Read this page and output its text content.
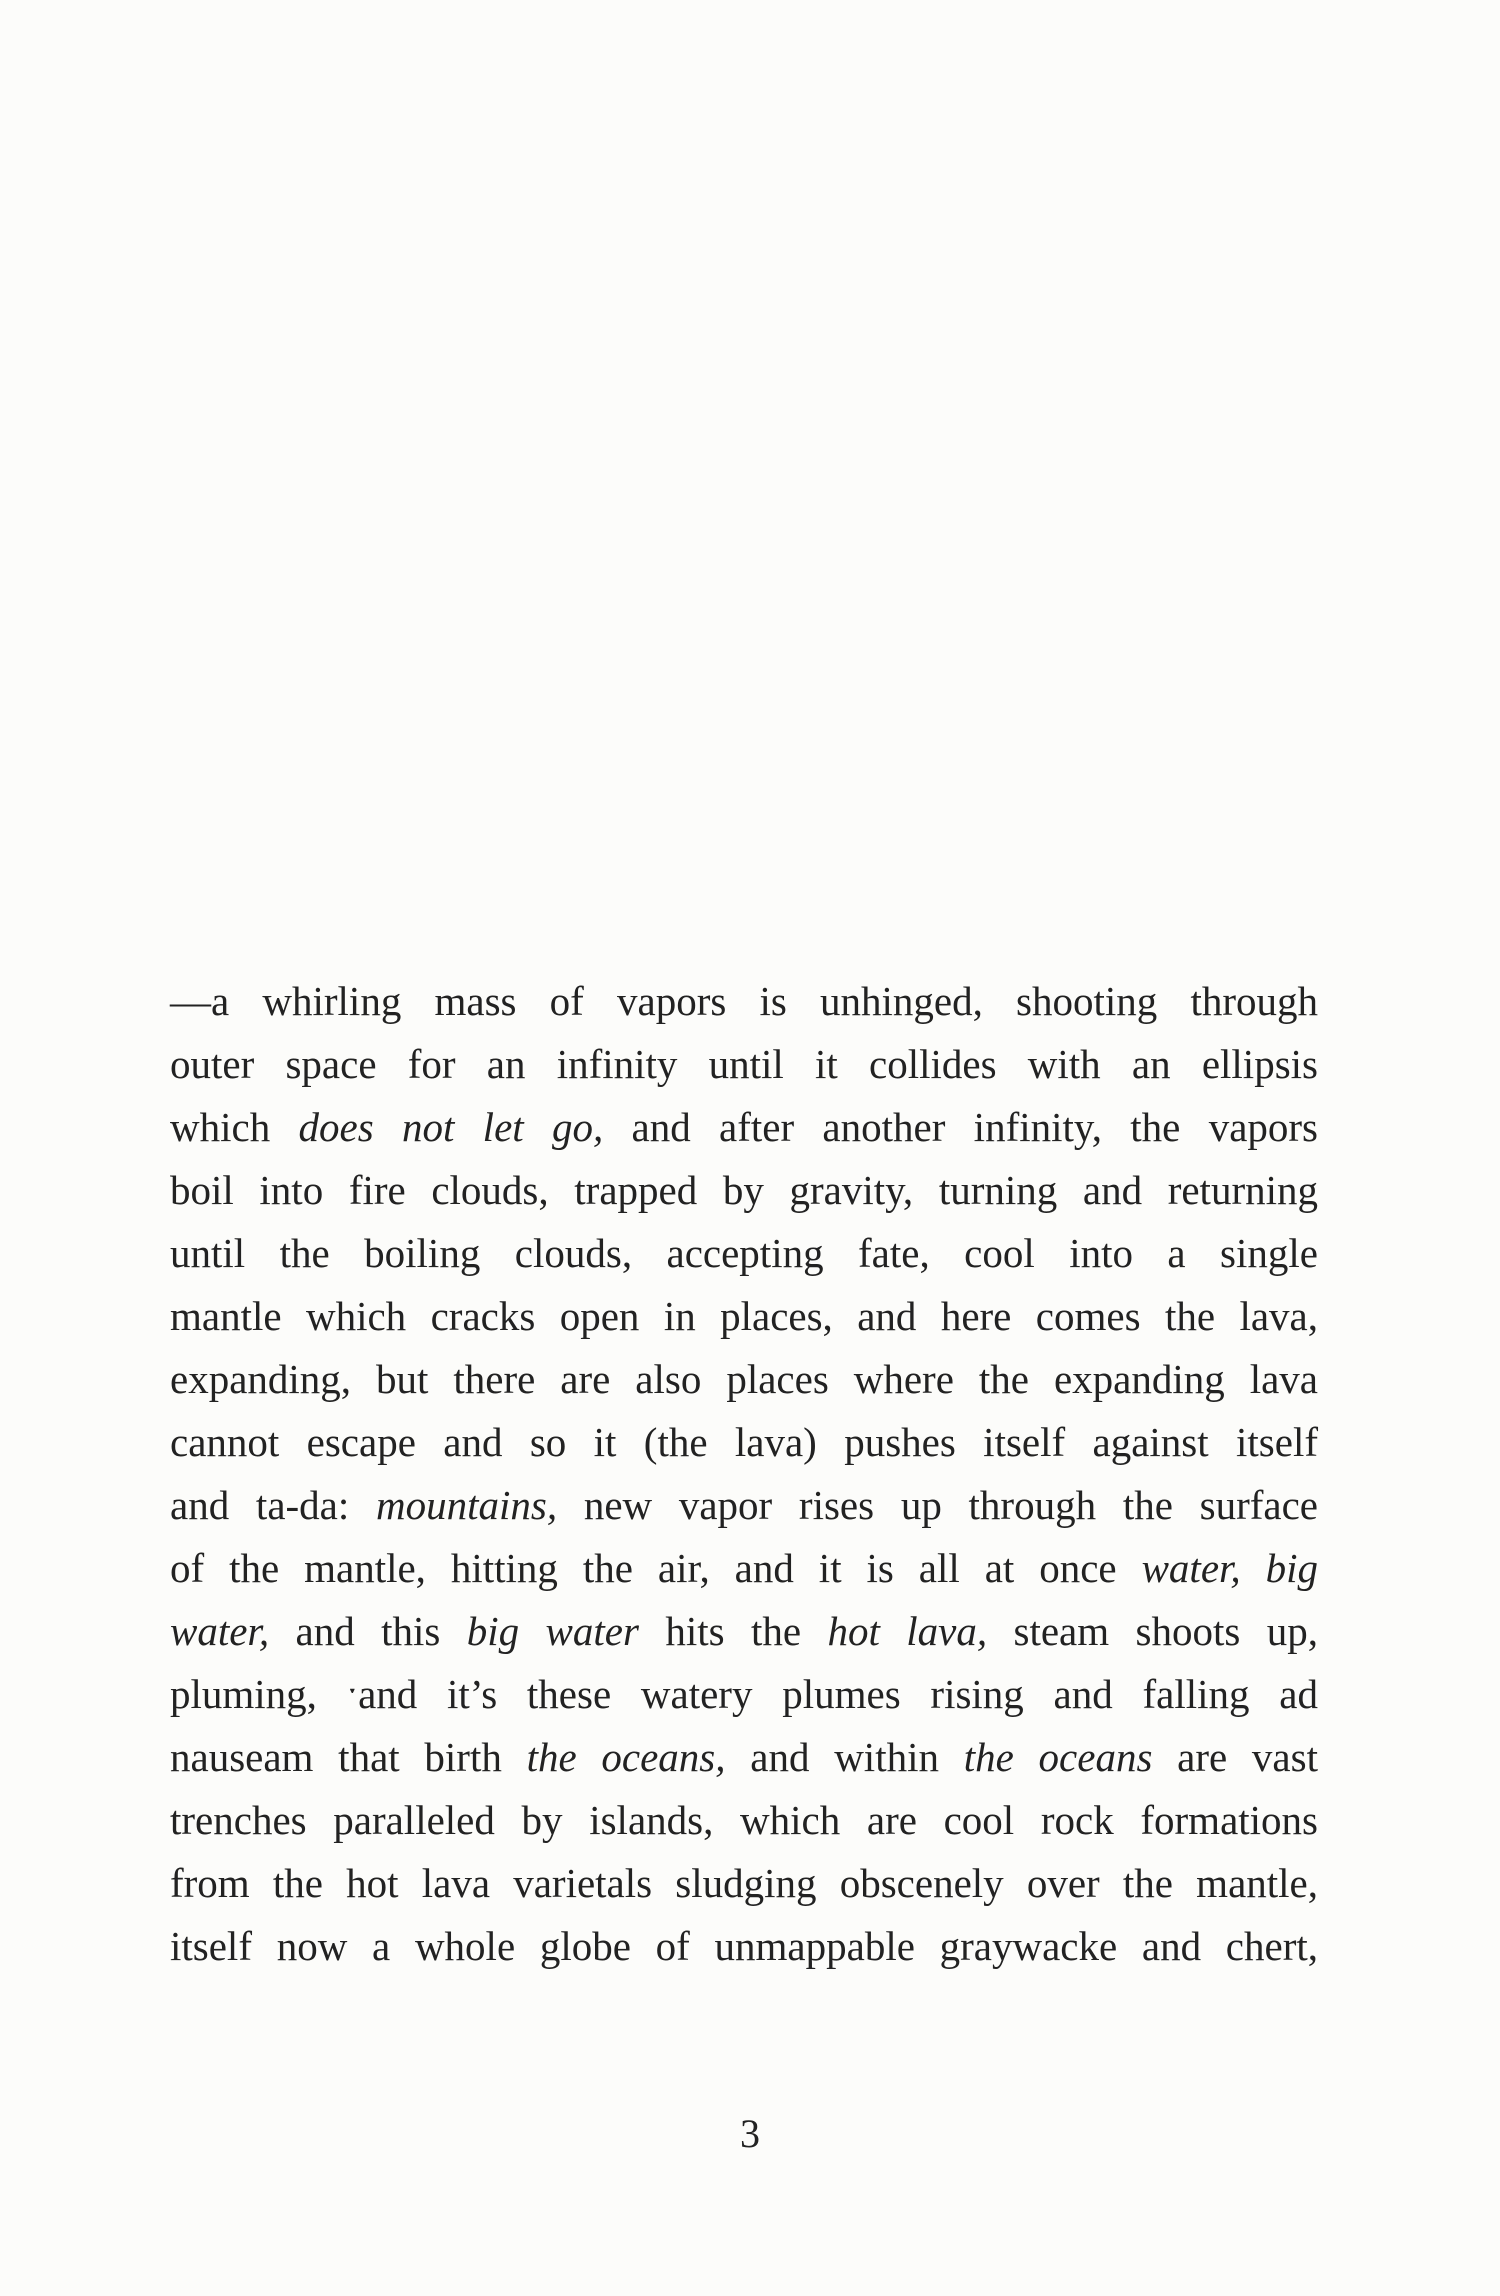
—a whirling mass of vapors is unhinged, shooting through
outer space for an infinity until it collides with an ellipsis
which does not let go, and after another infinity, the vapors
boil into fire clouds, trapped by gravity, turning and returning
until the boiling clouds, accepting fate, cool into a single
mantle which cracks open in places, and here comes the lava,
expanding, but there are also places where the expanding lava
cannot escape and so it (the lava) pushes itself against itself
and ta-da: mountains, new vapor rises up through the surface
of the mantle, hitting the air, and it is all at once water, big
water, and this big water hits the hot lava, steam shoots up,
pluming, ˑand it’s these watery plumes rising and falling ad
nauseam that birth the oceans, and within the oceans are vast
trenches paralleled by islands, which are cool rock formations
from the hot lava varietals sludging obscenely over the mantle,
itself now a whole globe of unmappable graywacke and chert,
3
